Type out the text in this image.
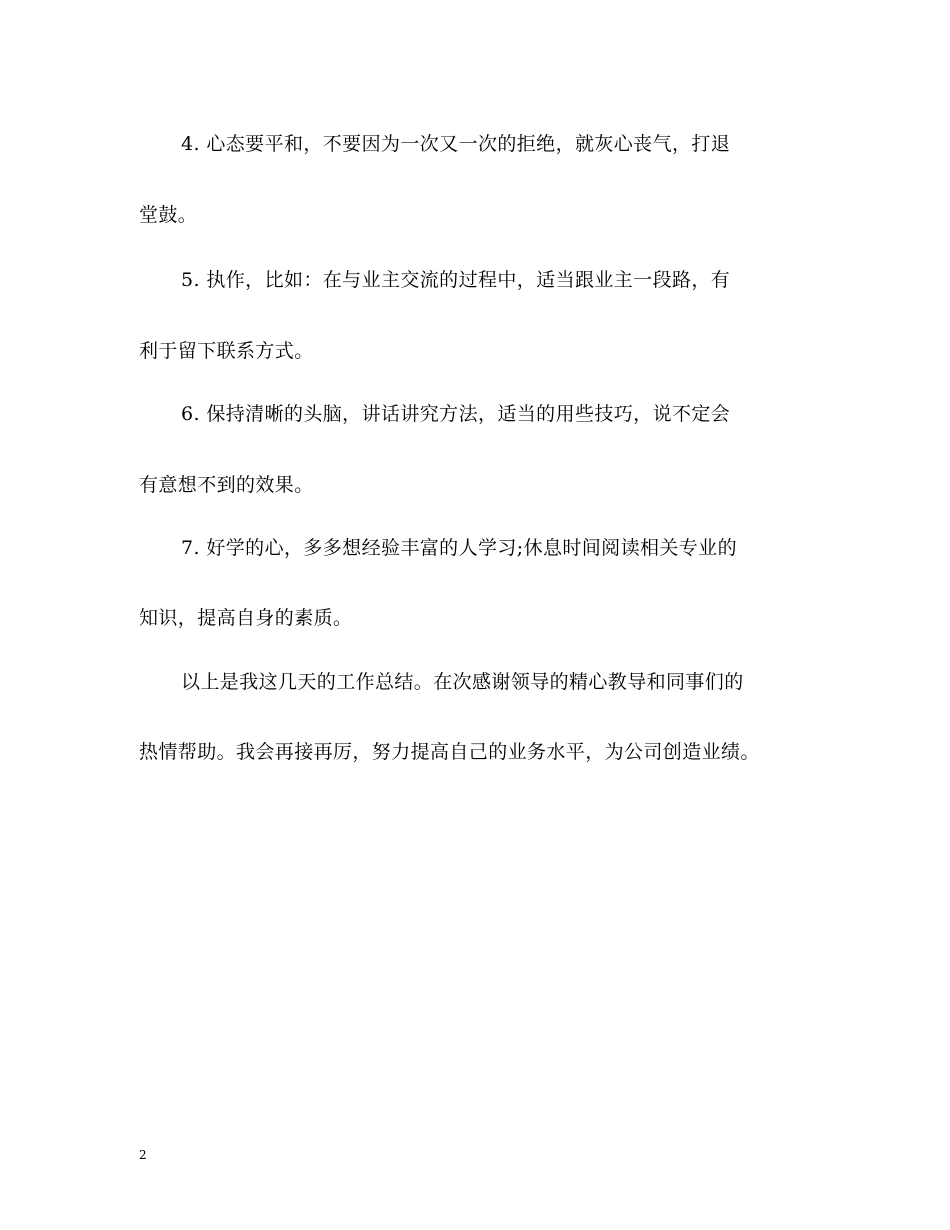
4. 心态要平和，不要因为一次又一次的拒绝，就灰心丧气，打退
堂鼓。
5. 执作，比如：在与业主交流的过程中，适当跟业主一段路，有
利于留下联系方式。
6. 保持清晰的头脑，讲话讲究方法，适当的用些技巧，说不定会
有意想不到的效果。
7. 好学的心，多多想经验丰富的人学习;休息时间阅读相关专业的
知识，提高自身的素质。
以上是我这几天的工作总结。在次感谢领导的精心教导和同事们的
热情帮助。我会再接再厉，努力提高自己的业务水平，为公司创造业绩。
2
